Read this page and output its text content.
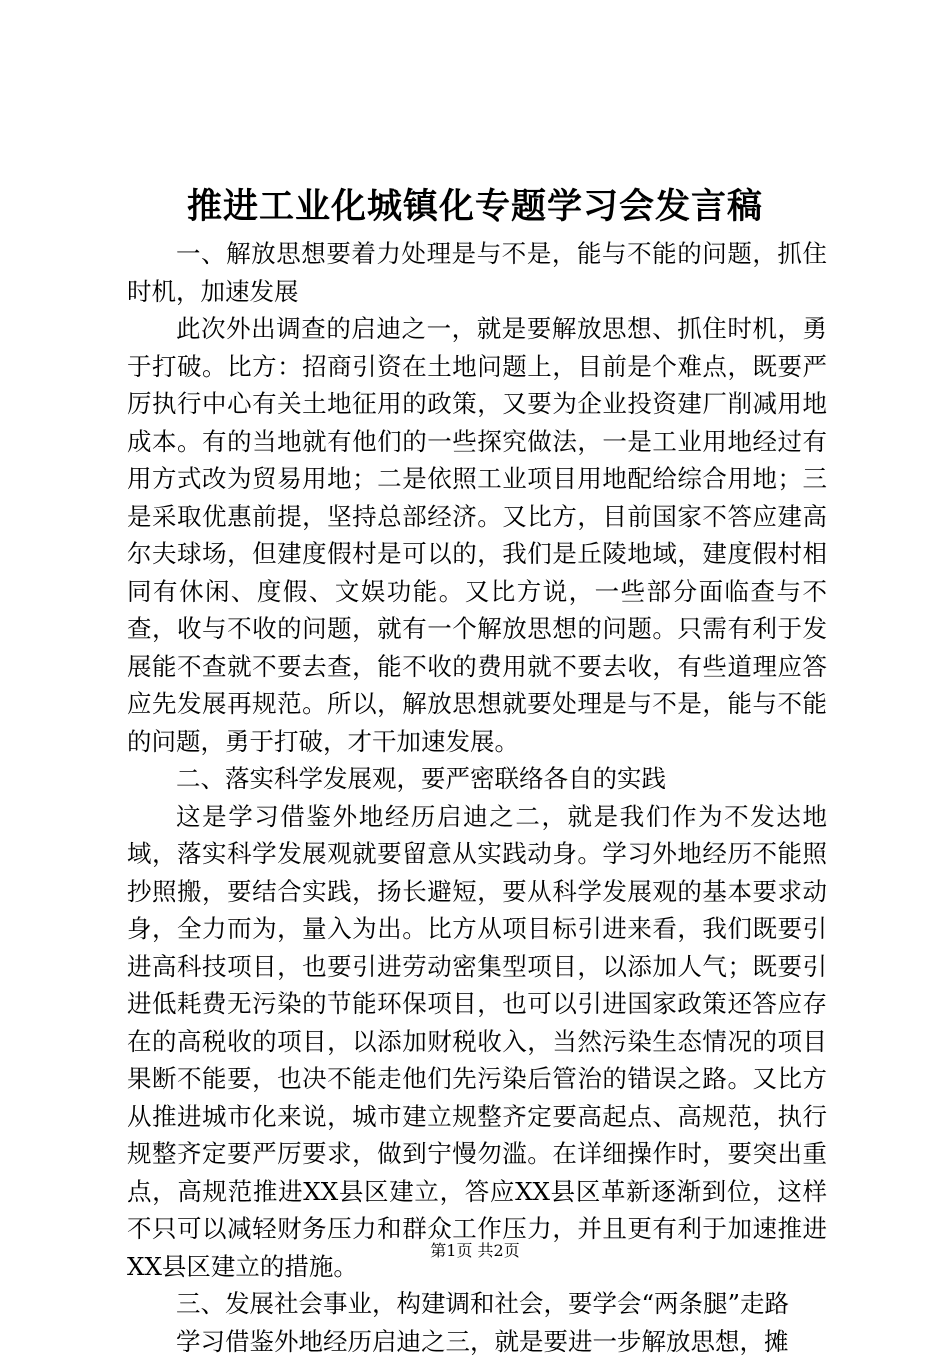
推进工业化城镇化专题学习会发言稿

一、解放思想要着力处理是与不是，能与不能的问题，抓住时机，加速发展

此次外出调查的启迪之一，就是要解放思想、抓住时机，勇于打破。比方：招商引资在土地问题上，目前是个难点，既要严厉执行中心有关土地征用的政策，又要为企业投资建厂削减用地成本。有的当地就有他们的一些探究做法，一是工业用地经过有用方式改为贸易用地；二是依照工业项目用地配给综合用地；三是采取优惠前提，坚持总部经济。又比方，目前国家不答应建高尔夫球场，但建度假村是可以的，我们是丘陵地域，建度假村相同有休闲、度假、文娱功能。又比方说，一些部分面临查与不查，收与不收的问题，就有一个解放思想的问题。只需有利于发展能不查就不要去查，能不收的费用就不要去收，有些道理应答应先发展再规范。所以，解放思想就要处理是与不是，能与不能的问题，勇于打破，才干加速发展。

二、落实科学发展观，要严密联络各自的实践

这是学习借鉴外地经历启迪之二，就是我们作为不发达地域，落实科学发展观就要留意从实践动身。学习外地经历不能照抄照搬，要结合实践，扬长避短，要从科学发展观的基本要求动身，全力而为，量入为出。比方从项目标引进来看，我们既要引进高科技项目，也要引进劳动密集型项目，以添加人气；既要引进低耗费无污染的节能环保项目，也可以引进国家政策还答应存在的高税收的项目，以添加财税收入，当然污染生态情况的项目果断不能要，也决不能走他们先污染后管治的错误之路。又比方从推进城市化来说，城市建立规整齐定要高起点、高规范，执行规整齐定要严厉要求，做到宁慢勿滥。在详细操作时，要突出重点，高规范推进XX县区建立，答应XX县区革新逐渐到位，这样不只可以减轻财务压力和群众工作压力，并且更有利于加速推进XX县区建立的措施。

三、发展社会事业，构建调和社会，要学会“两条腿”走路

学习借鉴外地经历启迪之三，就是要进一步解放思想，摊

第1页 共2页
